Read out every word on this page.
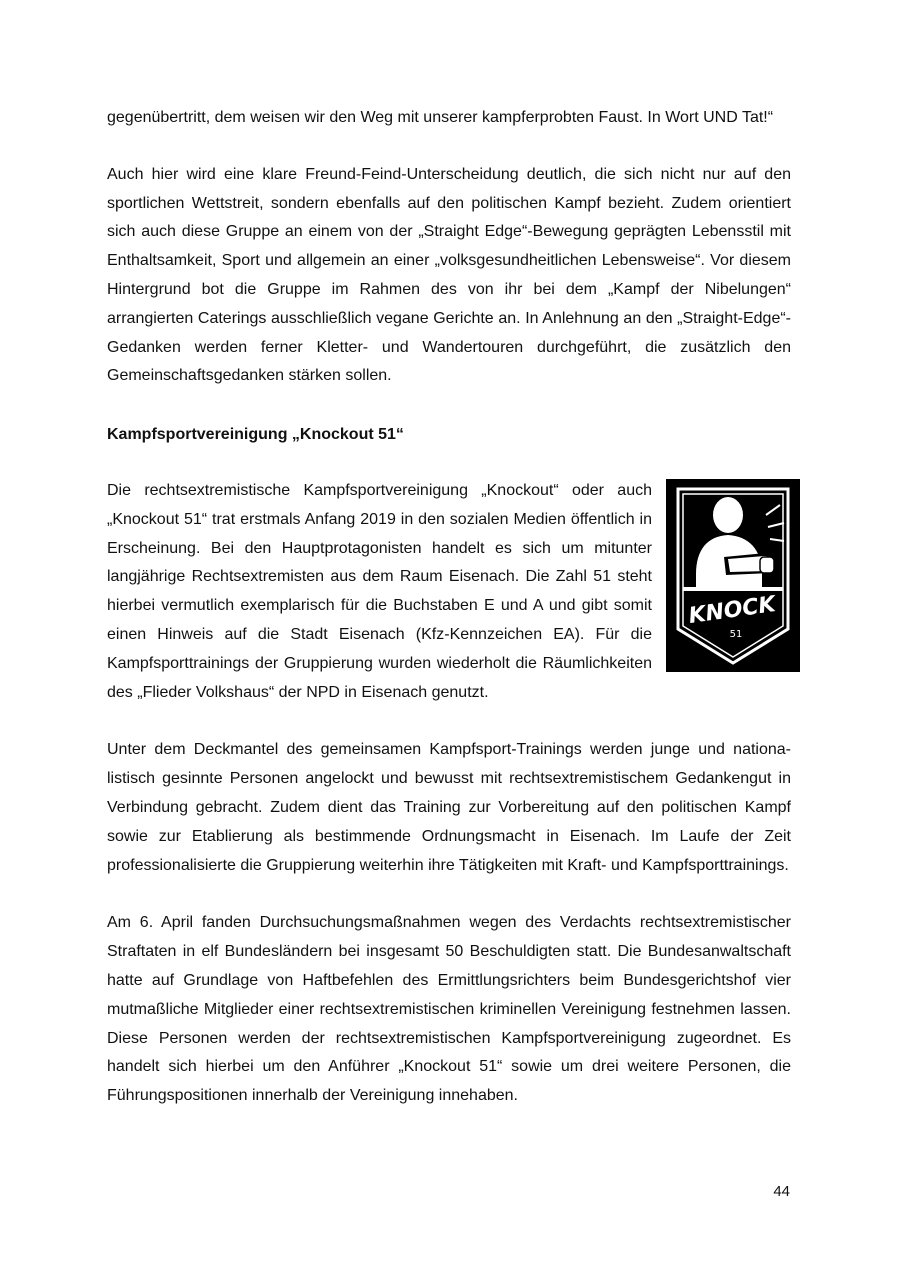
gegenübertritt, dem weisen wir den Weg mit unserer kampferprobten Faust. In Wort UND Tat!“

Auch hier wird eine klare Freund-Feind-Unterscheidung deutlich, die sich nicht nur auf den sportlichen Wettstreit, sondern ebenfalls auf den politischen Kampf bezieht. Zudem orientiert sich auch diese Gruppe an einem von der „Straight Edge“-Bewegung geprägten Lebensstil mit Enthaltsamkeit, Sport und allgemein an einer „volksgesundheitlichen Lebensweise“. Vor diesem Hintergrund bot die Gruppe im Rahmen des von ihr bei dem „Kampf der Nibelungen“ arrangierten Caterings ausschließlich vegane Gerichte an. In Anlehnung an den „Straight-Edge“-Gedanken werden ferner Kletter- und Wandertouren durchgeführt, die zusätzlich den Gemeinschaftsgedanken stärken sollen.

Kampfsportvereinigung „Knockout 51“
KNOCK
51

Die rechtsextremistische Kampfsportvereinigung „Knockout“ oder auch „Knockout 51“ trat erstmals Anfang 2019 in den sozialen Medien öffentlich in Erscheinung. Bei den Hauptprotagonisten handelt es sich um mitunter langjährige Rechtsextremisten aus dem Raum Eisenach. Die Zahl 51 steht hierbei vermutlich exemplarisch für die Buchstaben E und A und gibt somit einen Hinweis auf die Stadt Eisenach (Kfz-Kennzeichen EA). Für die Kampfsporttrainings der Gruppierung wurden wiederholt die Räumlichkeiten des „Flieder Volkshaus“ der NPD in Eisenach genutzt.

Unter dem Deckmantel des gemeinsamen Kampfsport-Trainings werden junge und nationalistisch gesinnte Personen angelockt und bewusst mit rechtsextremistischem Gedankengut in Verbindung gebracht. Zudem dient das Training zur Vorbereitung auf den politischen Kampf sowie zur Etablierung als bestimmende Ordnungsmacht in Eisenach. Im Laufe der Zeit professionalisierte die Gruppierung weiterhin ihre Tätigkeiten mit Kraft- und Kampfsporttrainings.

Am 6. April fanden Durchsuchungsmaßnahmen wegen des Verdachts rechtsextremistischer Straftaten in elf Bundesländern bei insgesamt 50 Beschuldigten statt. Die Bundesanwaltschaft hatte auf Grundlage von Haftbefehlen des Ermittlungsrichters beim Bundesgerichtshof vier mutmaßliche Mitglieder einer rechtsextremistischen kriminellen Vereinigung festnehmen lassen. Diese Personen werden der rechtsextremistischen Kampfsportvereinigung zugeordnet. Es handelt sich hierbei um den Anführer „Knockout 51“ sowie um drei weitere Personen, die Führungspositionen innerhalb der Vereinigung innehaben.

44
